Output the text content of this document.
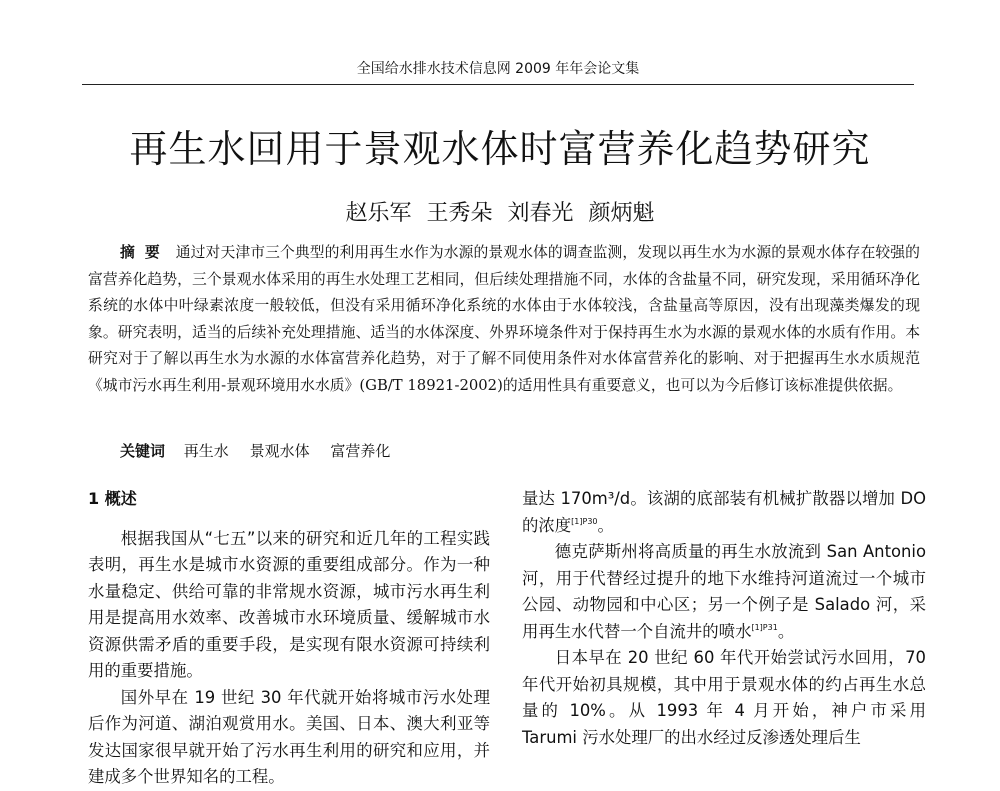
全国给水排水技术信息网 2009 年年会论文集
再生水回用于景观水体时富营养化趋势研究
赵乐军 王秀朵 刘春光 颜炳魁

摘要 通过对天津市三个典型的利用再生水作为水源的景观水体的调查监测，发现以再生水为水源的景观水体存在较强的富营养化趋势，三个景观水体采用的再生水处理工艺相同，但后续处理措施不同，水体的含盐量不同，研究发现，采用循环净化系统的水体中叶绿素浓度一般较低，但没有采用循环净化系统的水体由于水体较浅，含盐量高等原因，没有出现藻类爆发的现象。研究表明，适当的后续补充处理措施、适当的水体深度、外界环境条件对于保持再生水为水源的景观水体的水质有作用。本研究对于了解以再生水为水源的水体富营养化趋势，对于了解不同使用条件对水体富营养化的影响、对于把握再生水水质规范《城市污水再生利用-景观环境用水水质》(GB/T 18921-2002)的适用性具有重要意义，也可以为今后修订该标准提供依据。

关键词 再生水 景观水体 富营养化
1 概述

根据我国从“七五”以来的研究和近几年的工程实践表明，再生水是城市水资源的重要组成部分。作为一种水量稳定、供给可靠的非常规水资源，城市污水再生利用是提高用水效率、改善城市水环境质量、缓解城市水资源供需矛盾的重要手段，是实现有限水资源可持续利用的重要措施。

国外早在 19 世纪 30 年代就开始将城市污水处理后作为河道、湖泊观赏用水。美国、日本、澳大利亚等发达国家很早就开始了污水再生利用的研究和应用，并建成多个世界知名的工程。

量达 170m³/d。该湖的底部装有机械扩散器以增加 DO 的浓度$^{[1]P30}$。

德克萨斯州将高质量的再生水放流到 San Antonio 河，用于代替经过提升的地下水维持河道流过一个城市公园、动物园和中心区；另一个例子是 Salado 河，采用再生水代替一个自流井的喷水$^{[1]P31}$。

日本早在 20 世纪 60 年代开始尝试污水回用，70 年代开始初具规模，其中用于景观水体的约占再生水总量的 10%。从 1993 年 4 月开始，神户市采用 Tarumi 污水处理厂的出水经过反渗透处理后生
